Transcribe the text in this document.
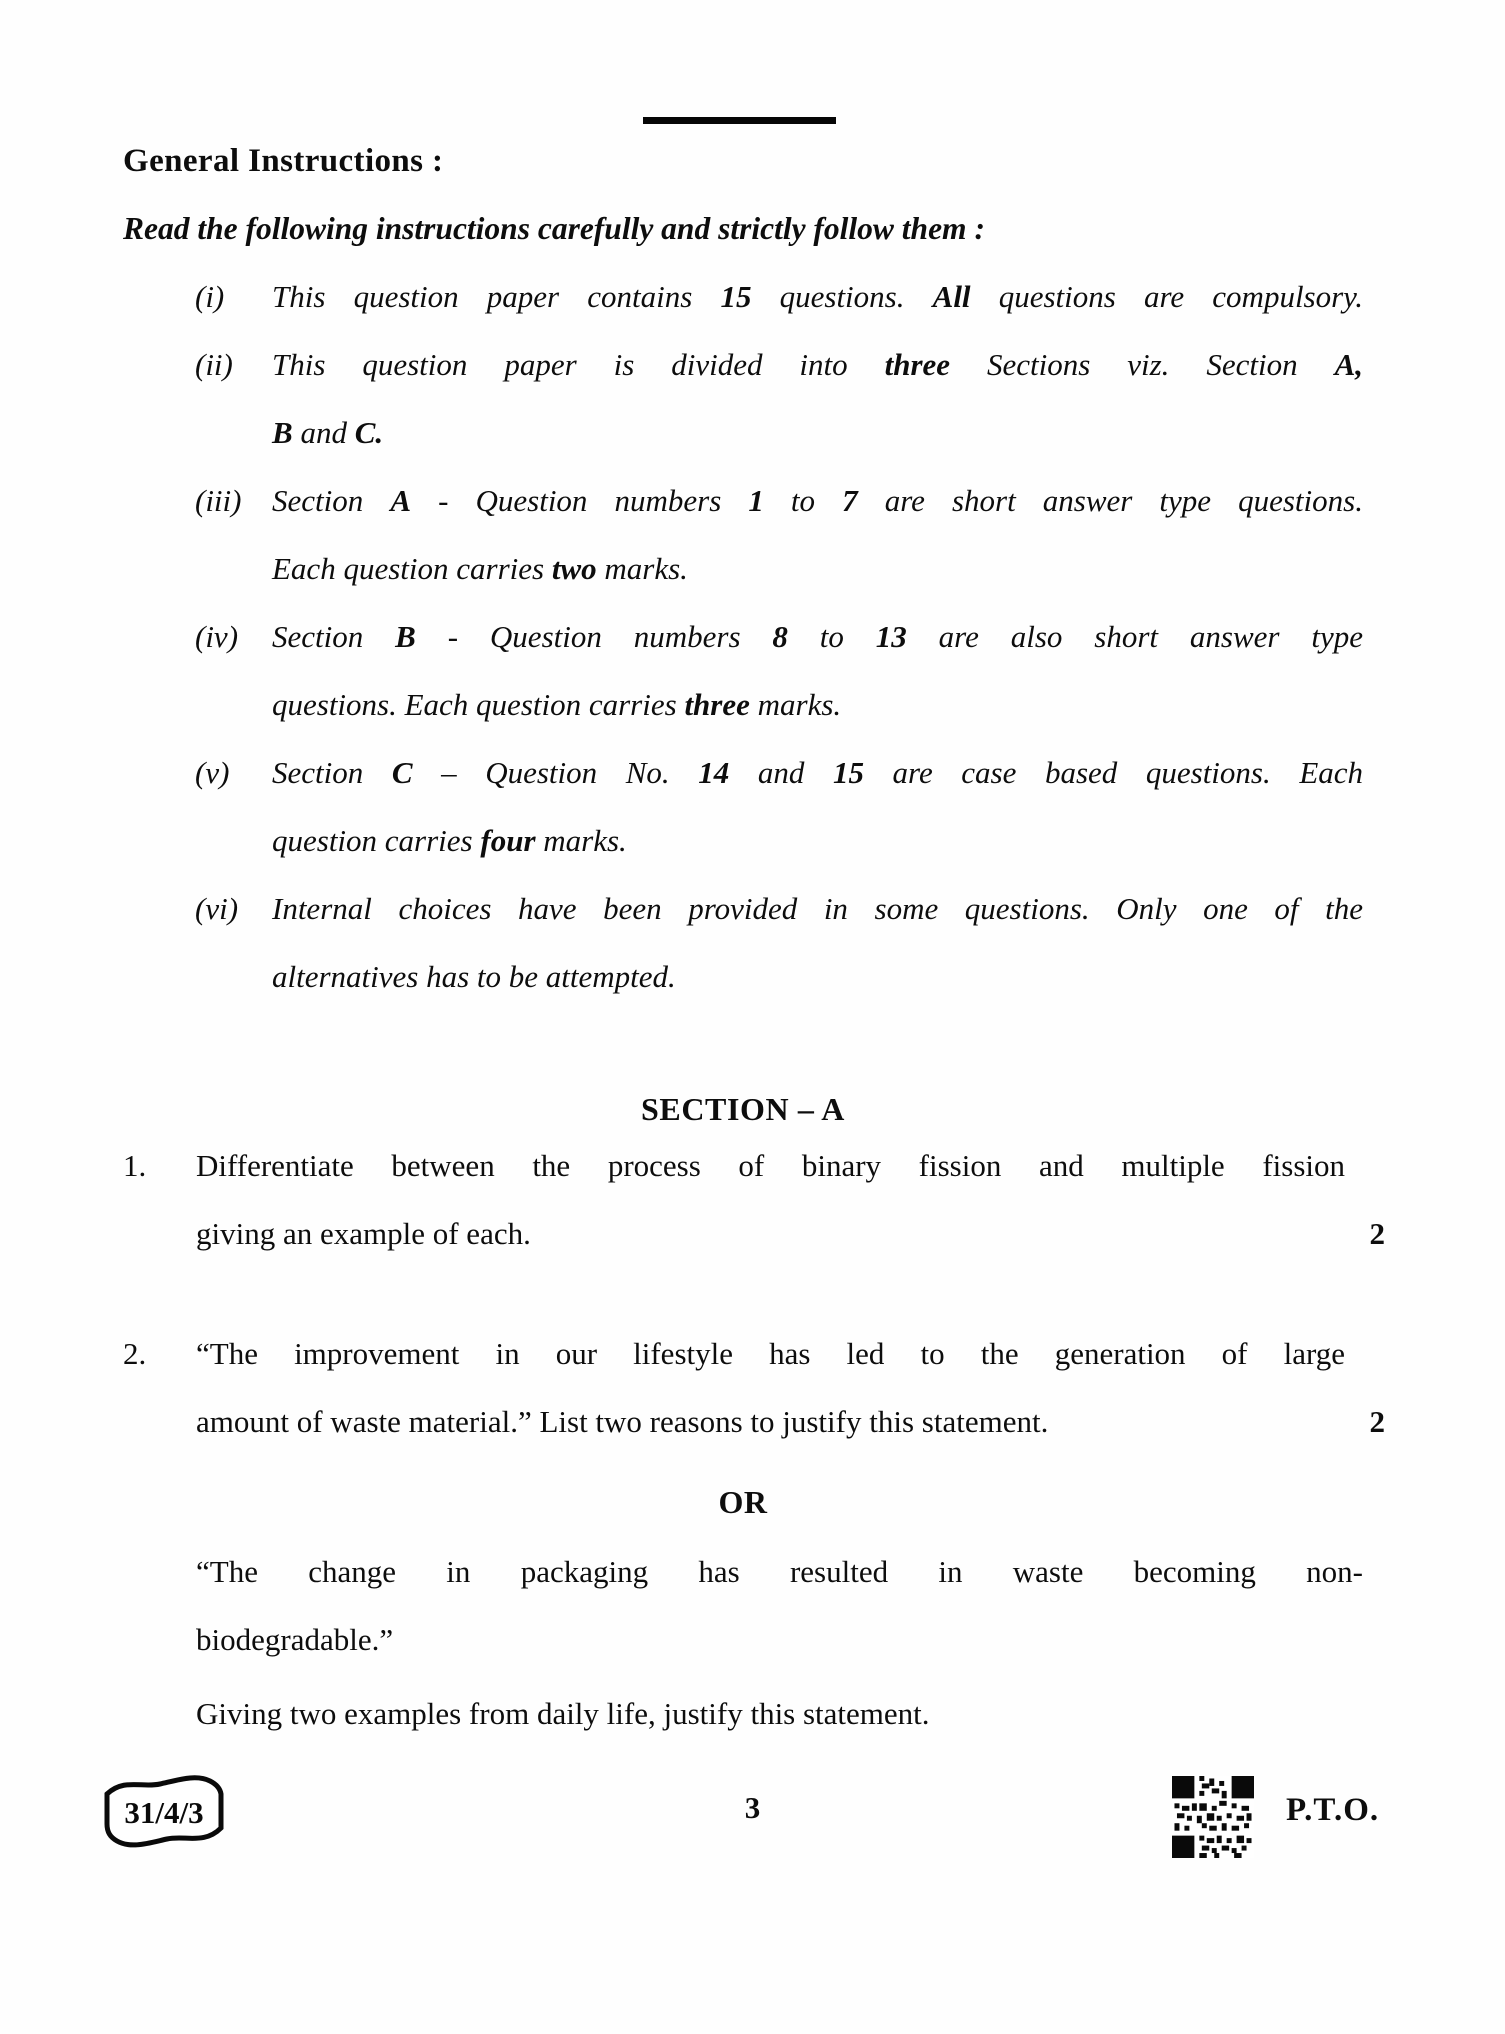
General Instructions :
Read the following instructions carefully and strictly follow them :
(i)	This question paper contains 15 questions. All questions are compulsory.
(ii)	This question paper is divided into three Sections viz. Section A,
B and C.
(iii) Section A - Question numbers 1 to 7 are short answer type questions.
Each question carries two marks.
(iv)	Section B - Question numbers 8 to 13 are also short answer type
questions. Each question carries three marks.
(v)	Section C – Question No. 14 and 15 are case based questions. Each
question carries four marks.
(vi)	Internal choices have been provided in some questions. Only one of the
alternatives has to be attempted.
SECTION – A
1.	Differentiate between the process of binary fission and multiple fission
giving an example of each.	2
2.	“The improvement in our lifestyle has led to the generation of large
amount of waste material.” List two reasons to justify this statement.	2
OR
“The change in packaging has resulted in waste becoming non-
biodegradable.”
Giving two examples from daily life, justify this statement.
31/4/3	3	P.T.O.
